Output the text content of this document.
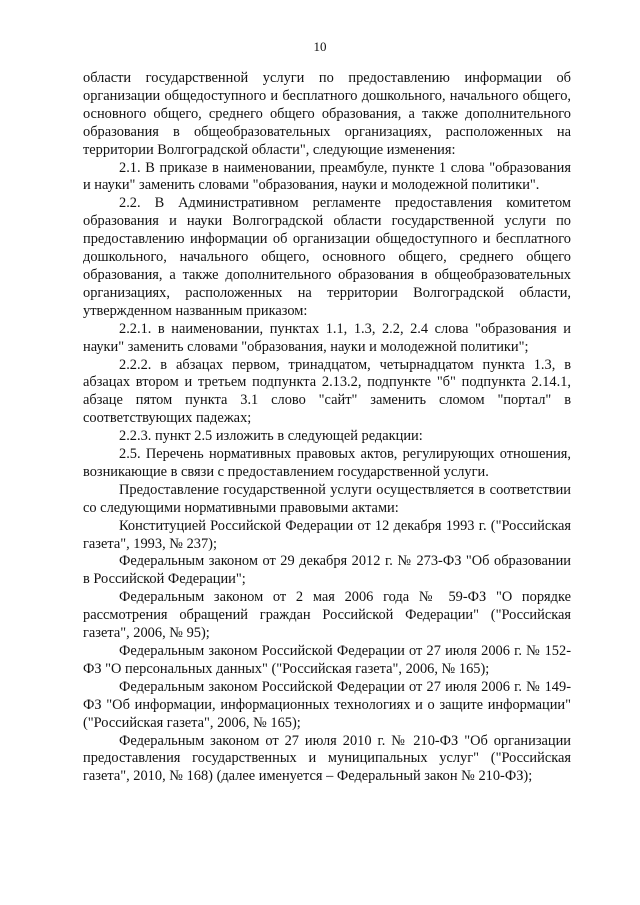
10

области государственной услуги по предоставлению информации об организации общедоступного и бесплатного дошкольного, начального общего, основного общего, среднего общего образования, а также дополнительного образования в общеобразовательных организациях, расположенных на территории Волгоградской области", следующие изменения:

2.1. В приказе в наименовании, преамбуле, пункте 1 слова "образования и науки" заменить словами "образования, науки и молодежной политики".

2.2. В Административном регламенте предоставления комитетом образования и науки Волгоградской области государственной услуги по предоставлению информации об организации общедоступного и бесплатного дошкольного, начального общего, основного общего, среднего общего образования, а также дополнительного образования в общеобразовательных организациях, расположенных на территории Волгоградской области, утвержденном названным приказом:

2.2.1. в наименовании, пунктах 1.1, 1.3, 2.2, 2.4 слова "образования и науки" заменить словами "образования, науки и молодежной политики";

2.2.2. в абзацах первом, тринадцатом, четырнадцатом пункта 1.3, в абзацах втором и третьем подпункта 2.13.2, подпункте "б" подпункта 2.14.1, абзаце пятом пункта 3.1 слово "сайт" заменить сломом "портал" в соответствующих падежах;

2.2.3. пункт 2.5 изложить в следующей редакции:

2.5. Перечень нормативных правовых актов, регулирующих отношения, возникающие в связи с предоставлением государственной услуги.

Предоставление государственной услуги осуществляется в соответствии со следующими нормативными правовыми актами:

Конституцией Российской Федерации от 12 декабря 1993 г. ("Российская газета", 1993, № 237);

Федеральным законом от 29 декабря 2012 г. № 273-ФЗ "Об образовании в Российской Федерации";

Федеральным законом от 2 мая 2006 года № 59-ФЗ "О порядке рассмотрения обращений граждан Российской Федерации" ("Российская газета", 2006, № 95);

Федеральным законом Российской Федерации от 27 июля 2006 г. № 152-ФЗ "О персональных данных" ("Российская газета", 2006, № 165);

Федеральным законом Российской Федерации от 27 июля 2006 г. № 149-ФЗ "Об информации, информационных технологиях и о защите информации" ("Российская газета", 2006, № 165);

Федеральным законом от 27 июля 2010 г. № 210-ФЗ "Об организации предоставления государственных и муниципальных услуг" ("Российская газета", 2010, № 168) (далее именуется – Федеральный закон № 210-ФЗ);
